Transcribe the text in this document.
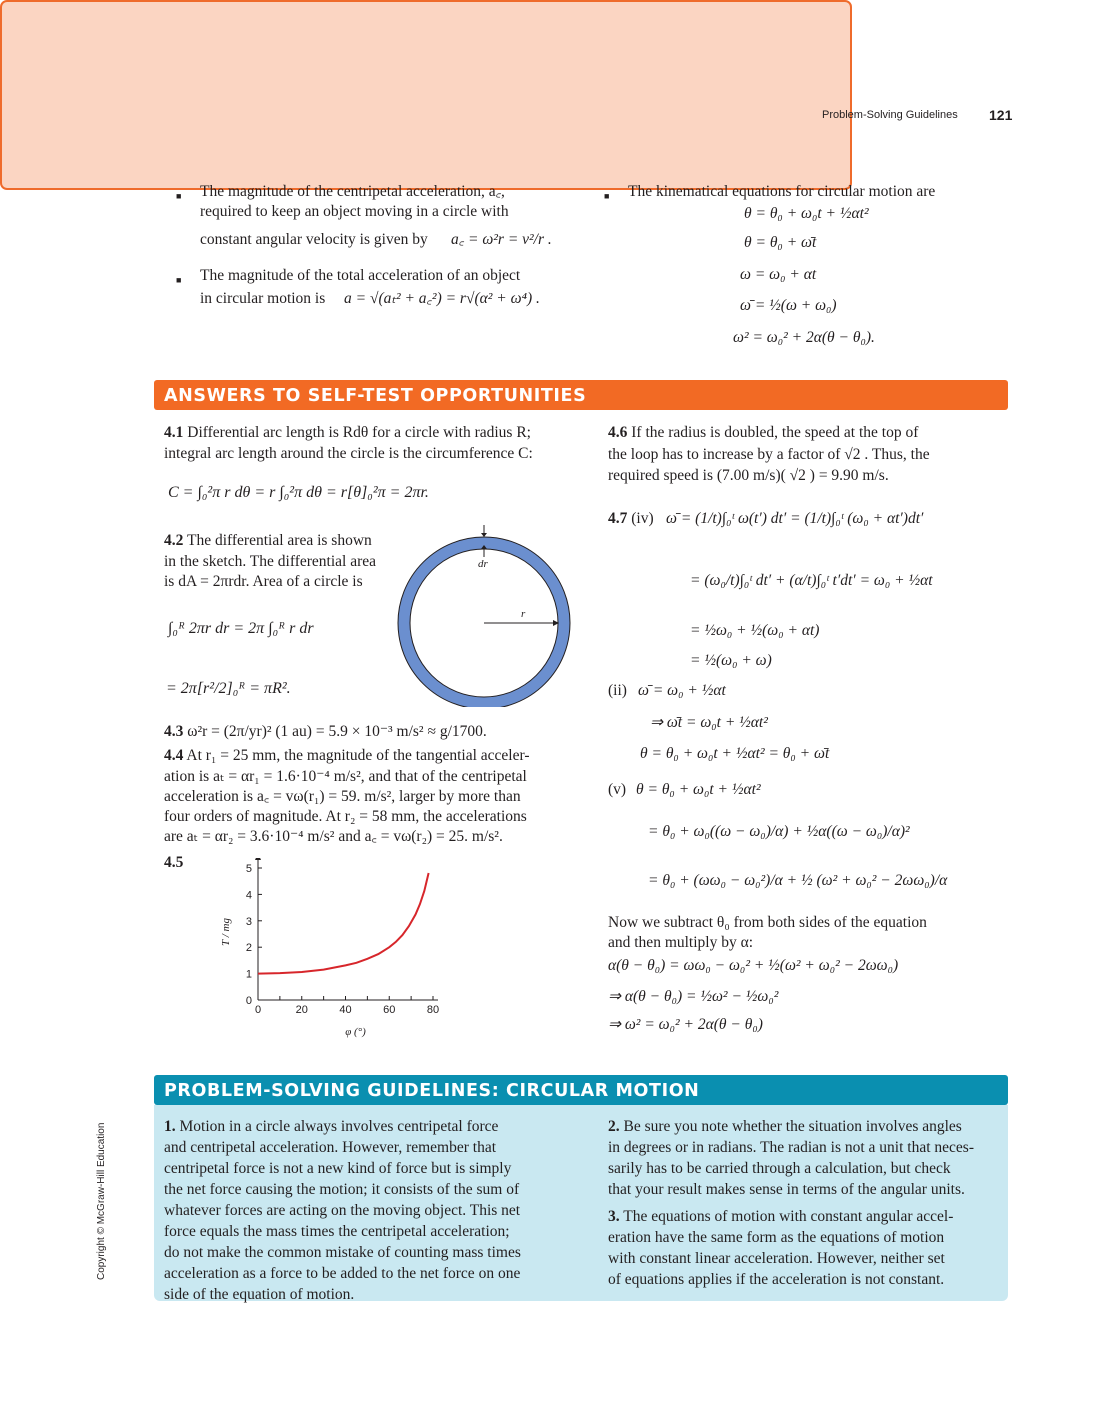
Problem-Solving Guidelines 121
■ The magnitude of the centripetal acceleration, a꜀,
required to keep an object moving in a circle with
constant angular velocity is given by a꜀ = ω²r = v²/r .
■ The magnitude of the total acceleration of an object
in circular motion is a = √(aₜ² + a꜀²) = r√(α² + ω⁴) .
■ The kinematical equations for circular motion are
θ = θ₀ + ω₀t + ½αt²
θ = θ₀ + ω̄t
ω = ω₀ + αt
ω̄ = ½(ω + ω₀)
ω² = ω₀² + 2α(θ − θ₀).
ANSWERS TO SELF-TEST OPPORTUNITIES
4.1 Differential arc length is Rdθ for a circle with radius R;
integral arc length around the circle is the circumference C:
C = ∫₀²π r dθ = r ∫₀²π dθ = r[θ]₀²π = 2πr.
4.2 The differential area is shown
in the sketch. The differential area
is dA = 2πrdr. Area of a circle is
∫₀ᴿ 2πr dr = 2π ∫₀ᴿ r dr
= 2π[r²/2]₀ᴿ = πR².
dr
r
4.3 ω²r = (2π/yr)² (1 au) = 5.9 × 10⁻³ m/s² ≈ g/1700.
4.4 At r₁ = 25 mm, the magnitude of the tangential acceler-
ation is aₜ = αr₁ = 1.6·10⁻⁴ m/s², and that of the centripetal
acceleration is a꜀ = vω(r₁) = 59. m/s², larger by more than
four orders of magnitude. At r₂ = 58 mm, the accelerations
are aₜ = αr₂ = 3.6·10⁻⁴ m/s² and a꜀ = vω(r₂) = 25. m/s².
4.5
0	20	40	60	80
0
1
2
3
4
5
φ (°)
T / mg
4.6 If the radius is doubled, the speed at the top of
the loop has to increase by a factor of √2 . Thus, the
required speed is (7.00 m/s)( √2 ) = 9.90 m/s.
4.7 (iv) ω̄ = (1/t)∫₀ᵗ ω(t′) dt′ = (1/t)∫₀ᵗ (ω₀ + αt′)dt′
= (ω₀/t)∫₀ᵗ dt′ + (α/t)∫₀ᵗ t′dt′ = ω₀ + ½αt
= ½ω₀ + ½(ω₀ + αt)
= ½(ω₀ + ω)
(ii) ω̄ = ω₀ + ½αt
⇒ ω̄t = ω₀t + ½αt²
θ = θ₀ + ω₀t + ½αt² = θ₀ + ω̄t
(v) θ = θ₀ + ω₀t + ½αt²
= θ₀ + ω₀((ω − ω₀)/α) + ½α((ω − ω₀)/α)²
= θ₀ + (ωω₀ − ω₀²)/α + ½ (ω² + ω₀² − 2ωω₀)/α
Now we subtract θ₀ from both sides of the equation
and then multiply by α:
α(θ − θ₀) = ωω₀ − ω₀² + ½(ω² + ω₀² − 2ωω₀)
⇒ α(θ − θ₀) = ½ω² − ½ω₀²
⇒ ω² = ω₀² + 2α(θ − θ₀)
PROBLEM-SOLVING GUIDELINES: CIRCULAR MOTION
1. Motion in a circle always involves centripetal force
and centripetal acceleration. However, remember that
centripetal force is not a new kind of force but is simply
the net force causing the motion; it consists of the sum of
whatever forces are acting on the moving object. This net
force equals the mass times the centripetal acceleration;
do not make the common mistake of counting mass times
acceleration as a force to be added to the net force on one
side of the equation of motion.
2. Be sure you note whether the situation involves angles
in degrees or in radians. The radian is not a unit that neces-
sarily has to be carried through a calculation, but check
that your result makes sense in terms of the angular units.
3. The equations of motion with constant angular accel-
eration have the same form as the equations of motion
with constant linear acceleration. However, neither set
of equations applies if the acceleration is not constant.
Copyright © McGraw-Hill Education
